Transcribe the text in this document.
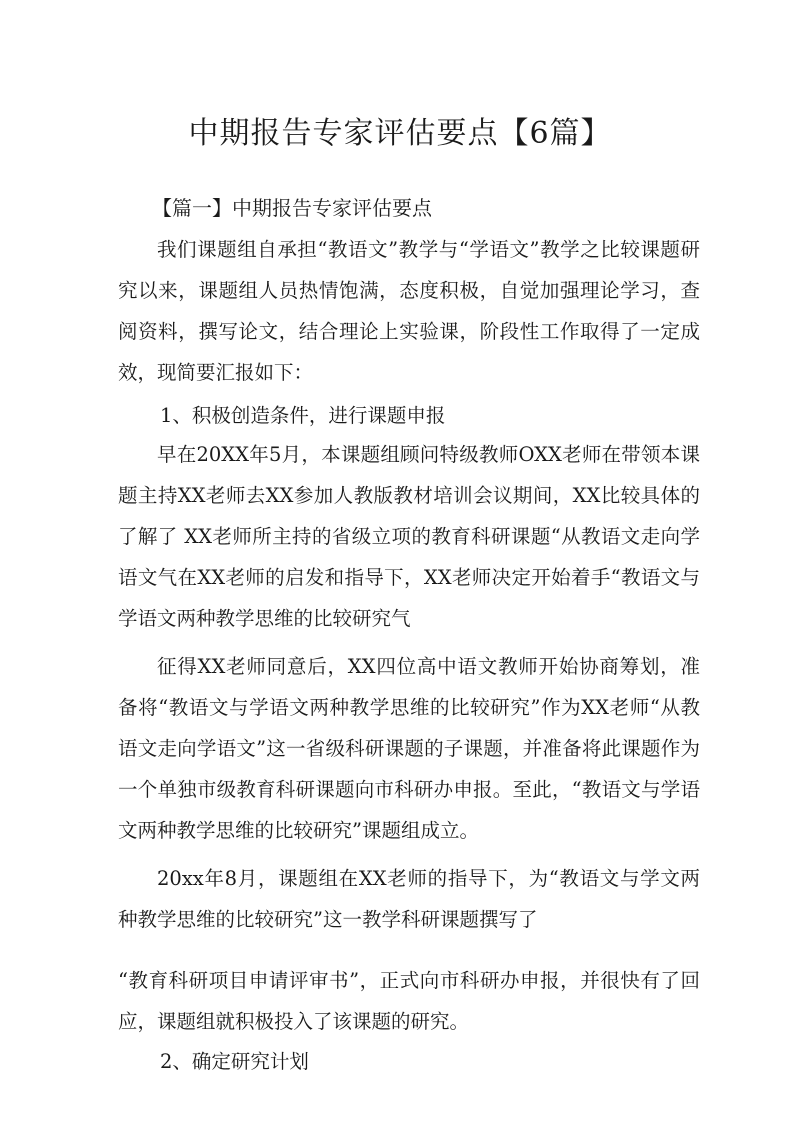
中期报告专家评估要点【6篇】
【篇一】中期报告专家评估要点

我们课题组自承担“教语文”教学与“学语文”教学之比较课题研究以来，课题组人员热情饱满，态度积极，自觉加强理论学习，查阅资料，撰写论文，结合理论上实验课，阶段性工作取得了一定成效，现简要汇报如下：

1、积极创造条件，进行课题申报

早在20XX年5月，本课题组顾问特级教师OXX老师在带领本课题主持XX老师去XX参加人教版教材培训会议期间，XX比较具体的了解了 XX老师所主持的省级立项的教育科研课题“从教语文走向学语文气在XX老师的启发和指导下，XX老师决定开始着手“教语文与学语文两种教学思维的比较研究气

征得XX老师同意后，XX四位高中语文教师开始协商筹划，准备将“教语文与学语文两种教学思维的比较研究”作为XX老师“从教语文走向学语文”这一省级科研课题的子课题，并准备将此课题作为一个单独市级教育科研课题向市科研办申报。至此，“教语文与学语文两种教学思维的比较研究”课题组成立。

20xx年8月，课题组在XX老师的指导下，为“教语文与学文两种教学思维的比较研究”这一教学科研课题撰写了

“教育科研项目申请评审书”，正式向市科研办申报，并很快有了回应，课题组就积极投入了该课题的研究。

2、确定研究计划
